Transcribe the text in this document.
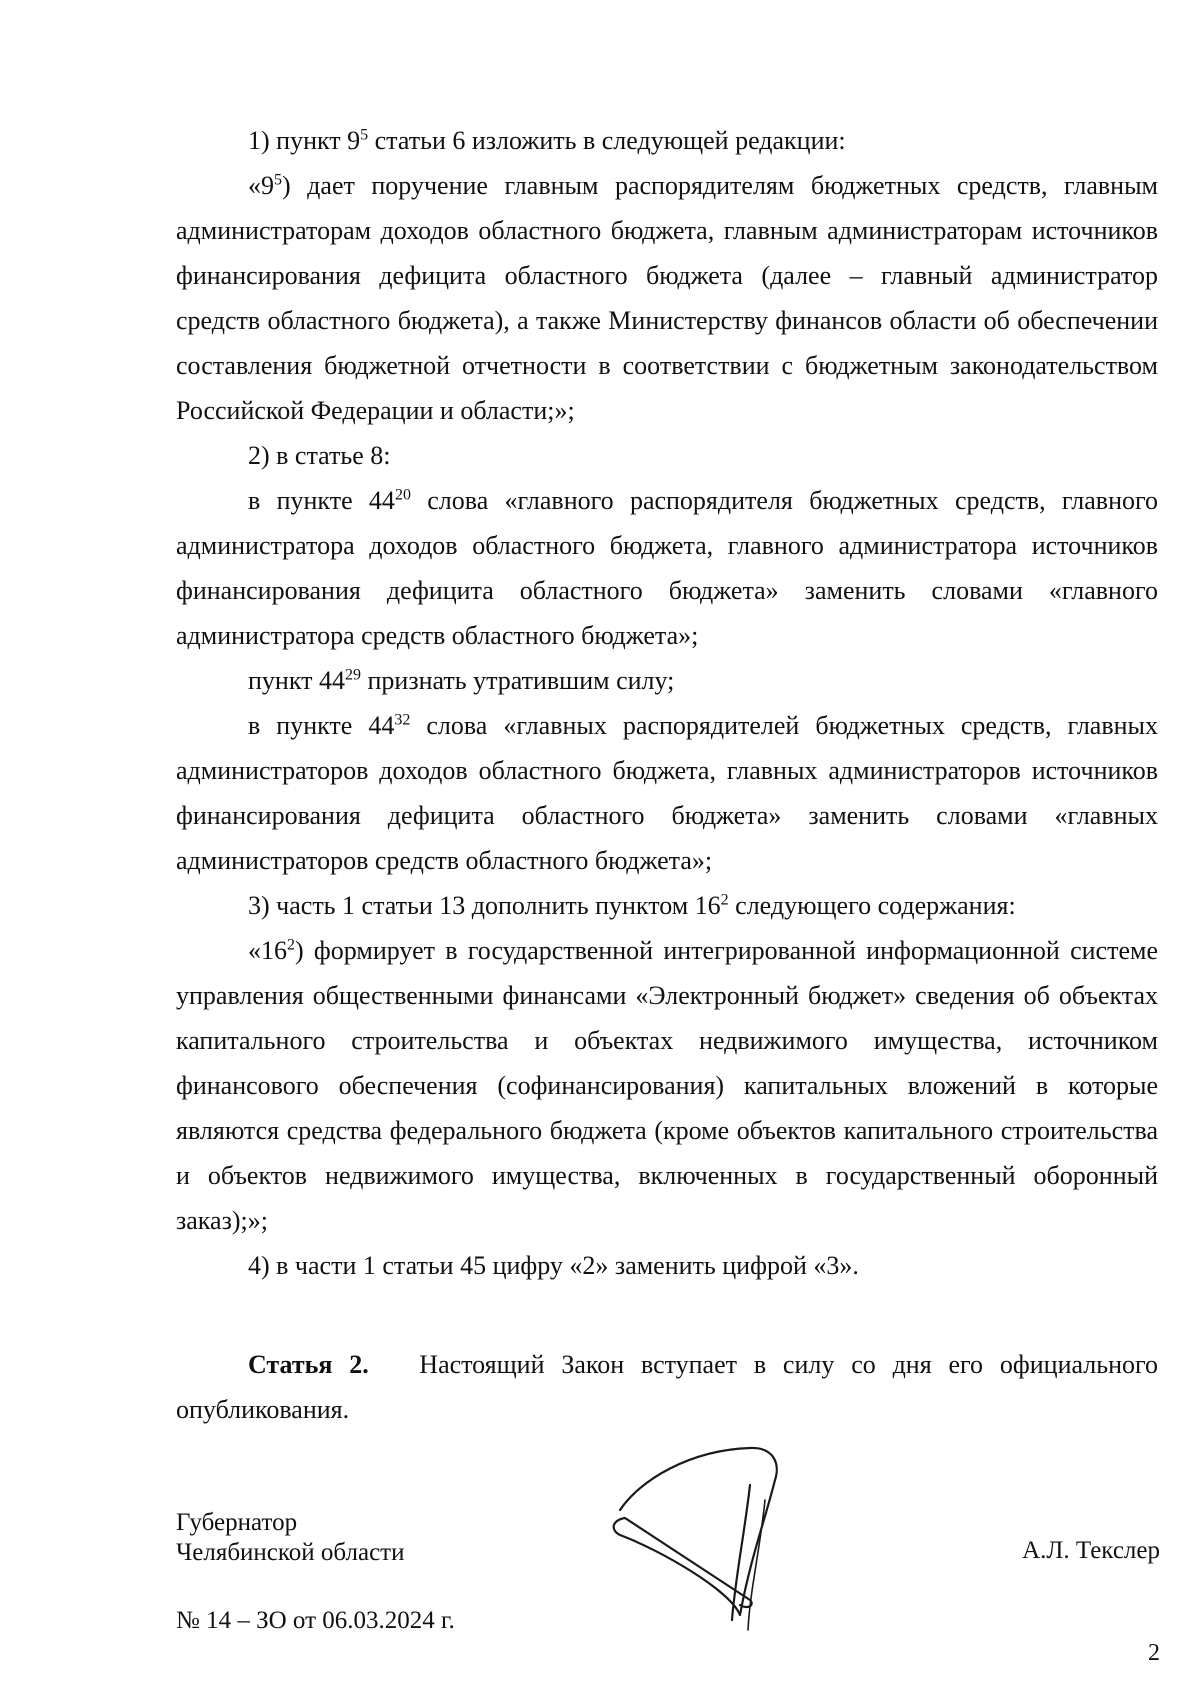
1) пункт $9^5$ статьи 6 изложить в следующей редакции:

«$9^5$) дает поручение главным распорядителям бюджетных средств, главным администраторам доходов областного бюджета, главным администраторам источников финансирования дефицита областного бюджета (далее – главный администратор средств областного бюджета), а также Министерству финансов области об обеспечении составления бюджетной отчетности в соответствии с бюджетным законодательством Российской Федерации и области;»;

2) в статье 8:

в пункте $44^{20}$ слова «главного распорядителя бюджетных средств, главного администратора доходов областного бюджета, главного администратора источников финансирования дефицита областного бюджета» заменить словами «главного администратора средств областного бюджета»;

пункт $44^{29}$ признать утратившим силу;

в пункте $44^{32}$ слова «главных распорядителей бюджетных средств, главных администраторов доходов областного бюджета, главных администраторов источников финансирования дефицита областного бюджета» заменить словами «главных администраторов средств областного бюджета»;

3) часть 1 статьи 13 дополнить пунктом $16^2$ следующего содержания:

«$16^2$) формирует в государственной интегрированной информационной системе управления общественными финансами «Электронный бюджет» сведения об объектах капитального строительства и объектах недвижимого имущества, источником финансового обеспечения (софинансирования) капитальных вложений в которые являются средства федерального бюджета (кроме объектов капитального строительства и объектов недвижимого имущества, включенных в государственный оборонный заказ);»;

4) в части 1 статьи 45 цифру «2» заменить цифрой «3».

Статья 2. Настоящий Закон вступает в силу со дня его официального опубликования.

Губернатор
Челябинской области	А.Л. Текслер
№ 14 – ЗО от 06.03.2024 г.
2
